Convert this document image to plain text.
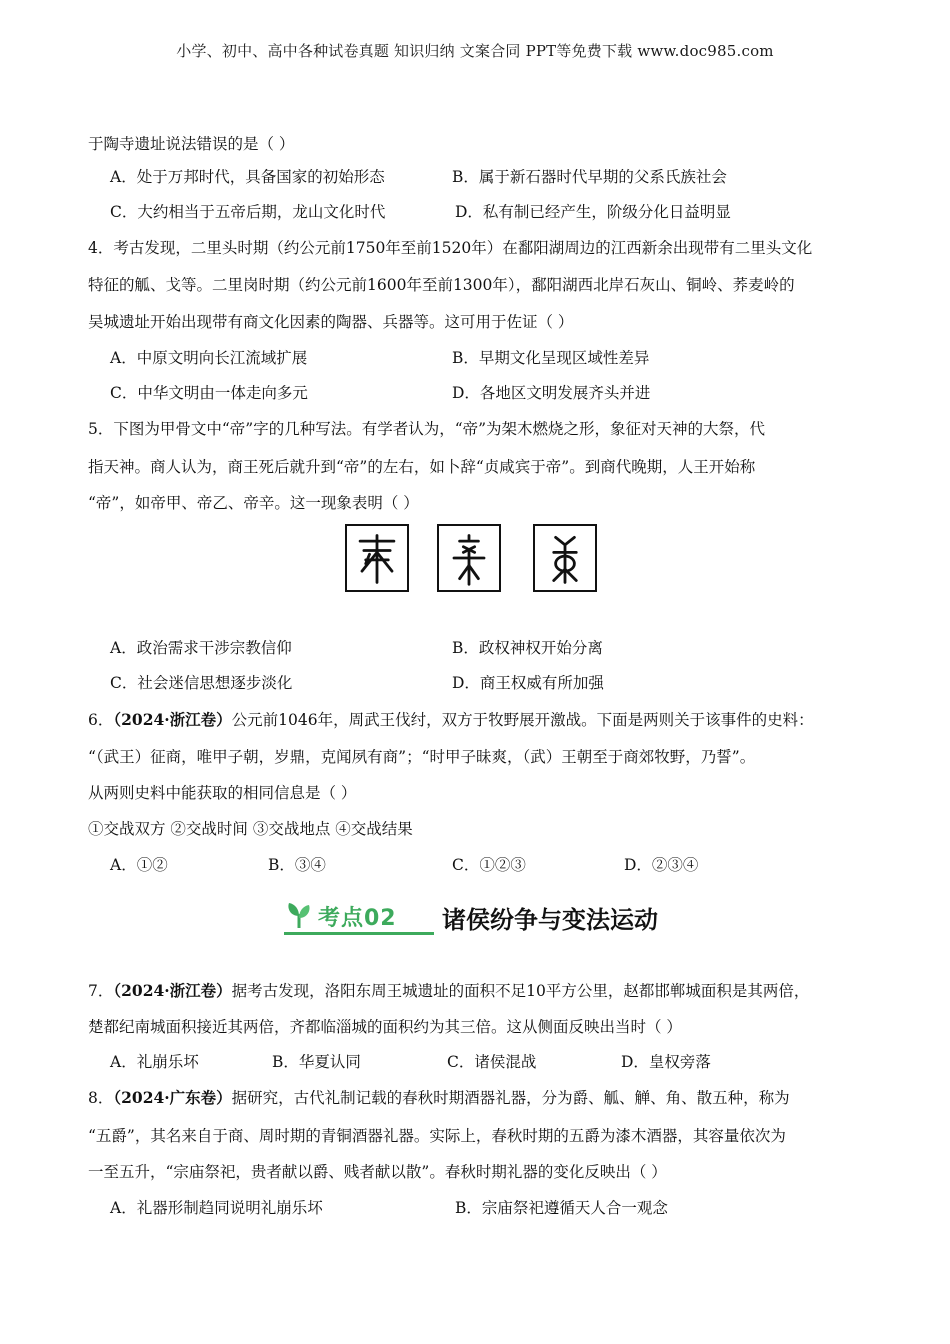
小学、初中、高中各种试卷真题 知识归纳 文案合同 PPT等免费下载 www.doc985.com
于陶寺遗址说法错误的是（ ）
A．处于万邦时代，具备国家的初始形态	B．属于新石器时代早期的父系氏族社会
C．大约相当于五帝后期，龙山文化时代	D．私有制已经产生，阶级分化日益明显
4．考古发现，二里头时期（约公元前1750年至前1520年）在鄱阳湖周边的江西新余出现带有二里头文化
特征的觚、戈等。二里岗时期（约公元前1600年至前1300年），鄱阳湖西北岸石灰山、铜岭、荞麦岭的
吴城遗址开始出现带有商文化因素的陶器、兵器等。这可用于佐证（ ）
A．中原文明向长江流域扩展	B．早期文化呈现区域性差异
C．中华文明由一体走向多元	D．各地区文明发展齐头并进
5．下图为甲骨文中“帝”字的几种写法。有学者认为，“帝”为架木燃烧之形，象征对天神的大祭，代
指天神。商人认为，商王死后就升到“帝”的左右，如卜辞“贞咸宾于帝”。到商代晚期，人王开始称
“帝”，如帝甲、帝乙、帝辛。这一现象表明（ ）
A．政治需求干涉宗教信仰	B．政权神权开始分离
C．社会迷信思想逐步淡化	D．商王权威有所加强
6．（2024·浙江卷）公元前1046年，周武王伐纣，双方于牧野展开激战。下面是两则关于该事件的史料：
“（武王）征商，唯甲子朝，岁鼎，克闻夙有商”；“时甲子昧爽，（武）王朝至于商郊牧野，乃誓”。
从两则史料中能获取的相同信息是（ ）
①交战双方 ②交战时间 ③交战地点 ④交战结果
A．①②	B．③④	C．①②③	D．②③④
考点02 诸侯纷争与变法运动
7．（2024·浙江卷）据考古发现，洛阳东周王城遗址的面积不足10平方公里，赵都邯郸城面积是其两倍，
楚都纪南城面积接近其两倍，齐都临淄城的面积约为其三倍。这从侧面反映出当时（ ）
A．礼崩乐坏	B．华夏认同	C．诸侯混战	D．皇权旁落
8．（2024·广东卷）据研究，古代礼制记载的春秋时期酒器礼器，分为爵、觚、觯、角、散五种，称为
“五爵”，其名来自于商、周时期的青铜酒器礼器。实际上，春秋时期的五爵为漆木酒器，其容量依次为
一至五升，“宗庙祭祀，贵者献以爵、贱者献以散”。春秋时期礼器的变化反映出（ ）
A．礼器形制趋同说明礼崩乐坏	B．宗庙祭祀遵循天人合一观念
